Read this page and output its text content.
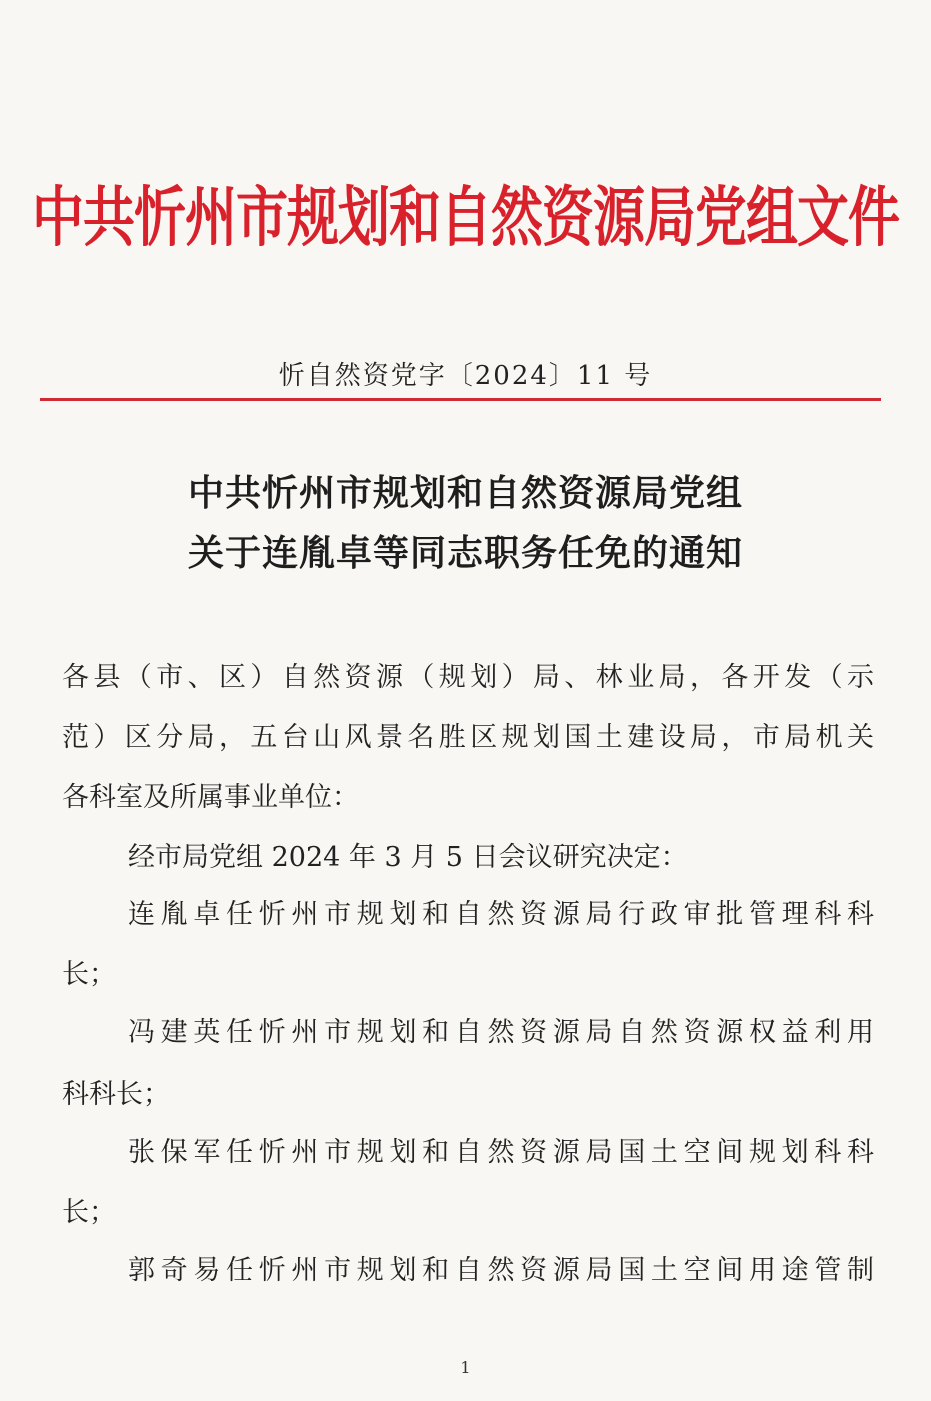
中共忻州市规划和自然资源局党组文件
忻自然资党字〔2024〕11 号
中共忻州市规划和自然资源局党组
关于连胤卓等同志职务任免的通知
各县（市、区）自然资源（规划）局、林业局，各开发（示
范）区分局，五台山风景名胜区规划国土建设局，市局机关
各科室及所属事业单位：
经市局党组 2024 年 3 月 5 日会议研究决定：
连胤卓任忻州市规划和自然资源局行政审批管理科科
长；
冯建英任忻州市规划和自然资源局自然资源权益利用
科科长；
张保军任忻州市规划和自然资源局国土空间规划科科
长；
郭奇易任忻州市规划和自然资源局国土空间用途管制
1
